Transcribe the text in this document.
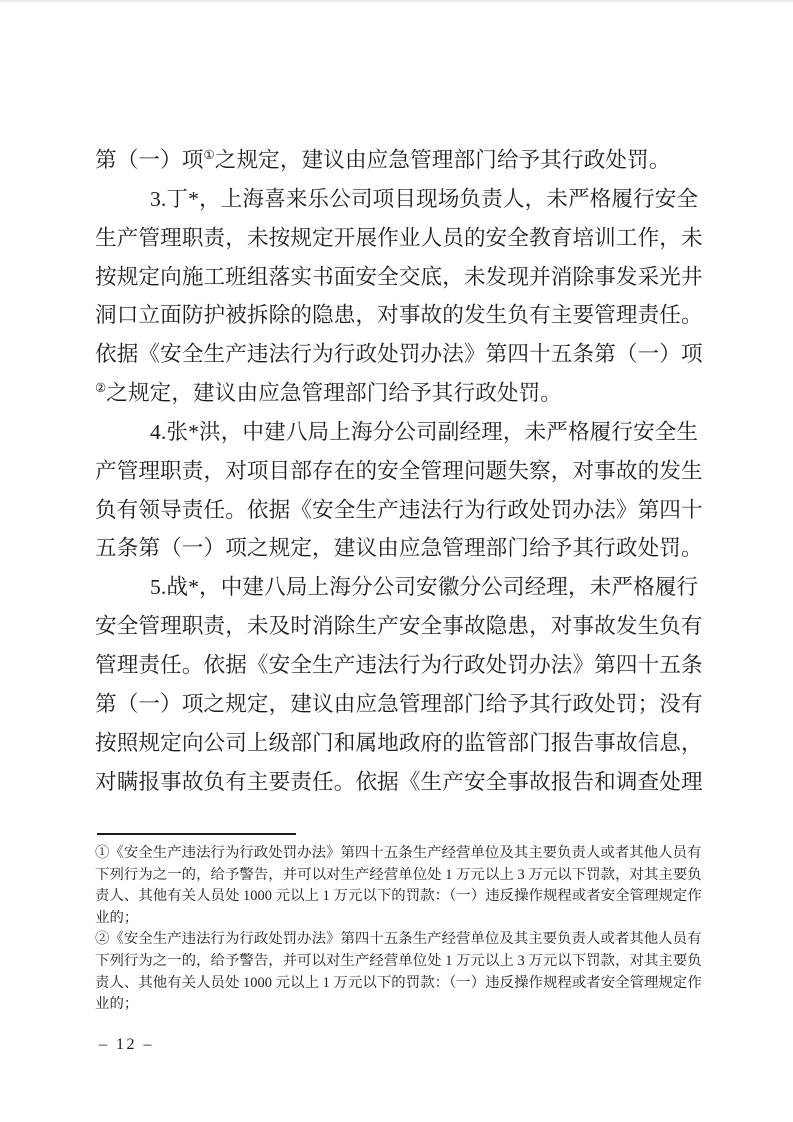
第（一）项①之规定，建议由应急管理部门给予其行政处罚。
3.丁*，上海喜来乐公司项目现场负责人，未严格履行安全
生产管理职责，未按规定开展作业人员的安全教育培训工作，未
按规定向施工班组落实书面安全交底，未发现并消除事发采光井
洞口立面防护被拆除的隐患，对事故的发生负有主要管理责任。
依据《安全生产违法行为行政处罚办法》第四十五条第（一）项
②之规定，建议由应急管理部门给予其行政处罚。
4.张*洪，中建八局上海分公司副经理，未严格履行安全生
产管理职责，对项目部存在的安全管理问题失察，对事故的发生
负有领导责任。依据《安全生产违法行为行政处罚办法》第四十
五条第（一）项之规定，建议由应急管理部门给予其行政处罚。
5.战*，中建八局上海分公司安徽分公司经理，未严格履行
安全管理职责，未及时消除生产安全事故隐患，对事故发生负有
管理责任。依据《安全生产违法行为行政处罚办法》第四十五条
第（一）项之规定，建议由应急管理部门给予其行政处罚；没有
按照规定向公司上级部门和属地政府的监管部门报告事故信息，
对瞒报事故负有主要责任。依据《生产安全事故报告和调查处理
①《安全生产违法行为行政处罚办法》第四十五条生产经营单位及其主要负责人或者其他人员有
下列行为之一的，给予警告，并可以对生产经营单位处 1 万元以上 3 万元以下罚款，对其主要负
责人、其他有关人员处 1000 元以上 1 万元以下的罚款：（一）违反操作规程或者安全管理规定作
业的；
②《安全生产违法行为行政处罚办法》第四十五条生产经营单位及其主要负责人或者其他人员有
下列行为之一的，给予警告，并可以对生产经营单位处 1 万元以上 3 万元以下罚款，对其主要负
责人、其他有关人员处 1000 元以上 1 万元以下的罚款：（一）违反操作规程或者安全管理规定作
业的；
– 12 –
